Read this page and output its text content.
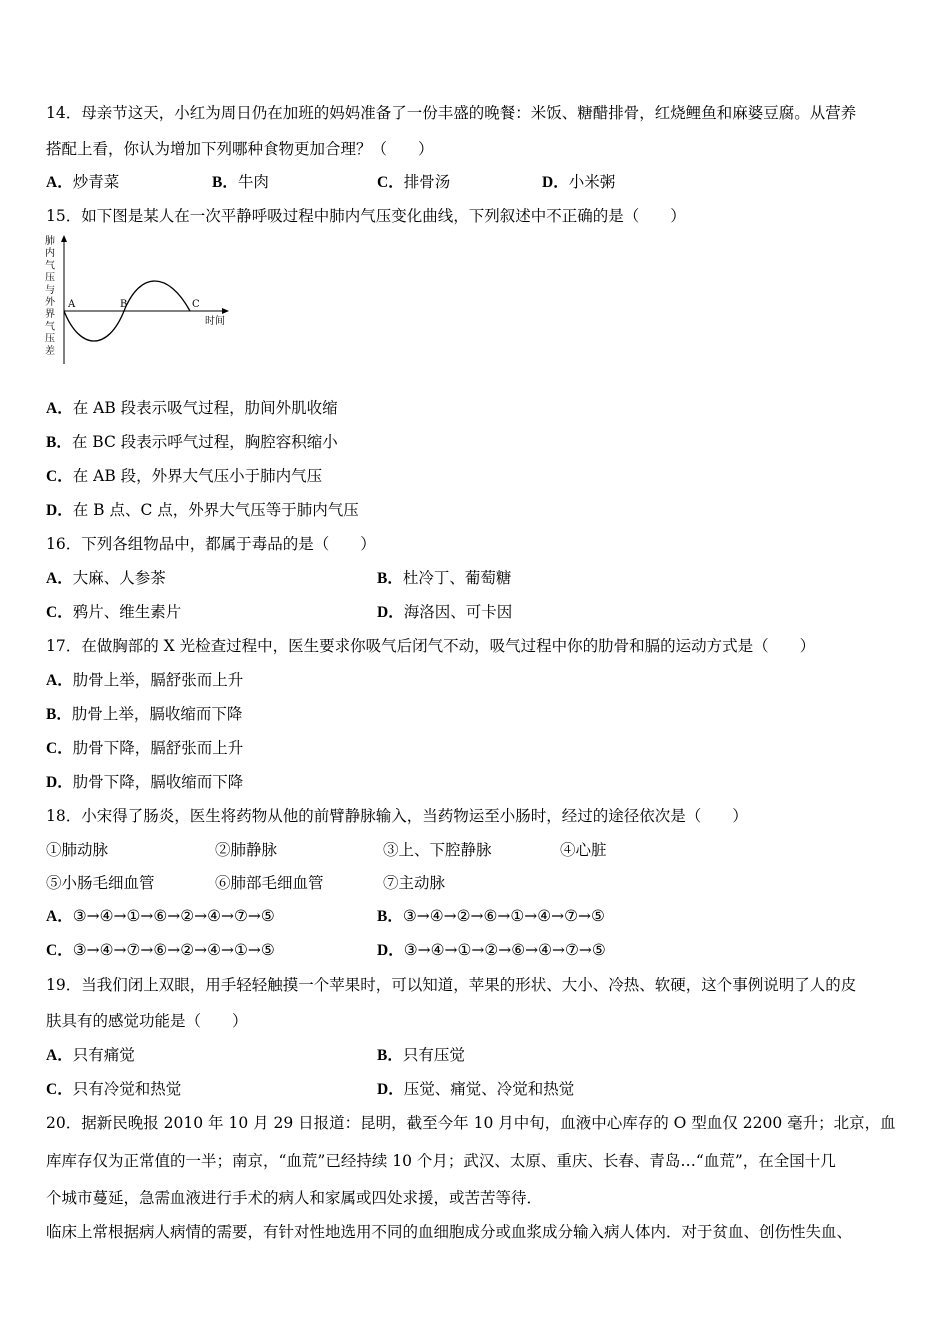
14．母亲节这天，小红为周日仍在加班的妈妈准备了一份丰盛的晚餐：米饭、糖醋排骨，红烧鲤鱼和麻婆豆腐。从营养
搭配上看，你认为增加下列哪种食物更加合理？（　　）
A．炒青菜	B．牛肉	C．排骨汤	D．小米粥
15．如下图是某人在一次平静呼吸过程中肺内气压变化曲线，下列叙述中不正确的是（　　）
肺
内
气
压
与
外
界
气
压
差
时间
A	B	C
A．在 AB 段表示吸气过程，肋间外肌收缩
B．在 BC 段表示呼气过程，胸腔容积缩小
C．在 AB 段，外界大气压小于肺内气压
D．在 B 点、C 点，外界大气压等于肺内气压
16．下列各组物品中，都属于毒品的是（　　）
A．大麻、人参茶	B．杜冷丁、葡萄糖
C．鸦片、维生素片	D．海洛因、可卡因
17．在做胸部的 X 光检查过程中，医生要求你吸气后闭气不动，吸气过程中你的肋骨和膈的运动方式是（　　）
A．肋骨上举，膈舒张而上升
B．肋骨上举，膈收缩而下降
C．肋骨下降，膈舒张而上升
D．肋骨下降，膈收缩而下降
18．小宋得了肠炎，医生将药物从他的前臂静脉输入，当药物运至小肠时，经过的途径依次是（　　）
①肺动脉	②肺静脉	③上、下腔静脉	④心脏
⑤小肠毛细血管	⑥肺部毛细血管	⑦主动脉
A．③→④→①→⑥→②→④→⑦→⑤	B．③→④→②→⑥→①→④→⑦→⑤
C．③→④→⑦→⑥→②→④→①→⑤	D．③→④→①→②→⑥→④→⑦→⑤
19．当我们闭上双眼，用手轻轻触摸一个苹果时，可以知道，苹果的形状、大小、冷热、软硬，这个事例说明了人的皮
肤具有的感觉功能是（　　）
A．只有痛觉	B．只有压觉
C．只有冷觉和热觉	D．压觉、痛觉、冷觉和热觉
20．据新民晚报 2010 年 10 月 29 日报道：昆明，截至今年 10 月中旬，血液中心库存的 O 型血仅 2200 毫升；北京，血
库库存仅为正常值的一半；南京，“血荒”已经持续 10 个月；武汉、太原、重庆、长春、青岛…“血荒”，在全国十几
个城市蔓延，急需血液进行手术的病人和家属或四处求援，或苦苦等待．
临床上常根据病人病情的需要，有针对性地选用不同的血细胞成分或血浆成分输入病人体内．对于贫血、创伤性失血、
